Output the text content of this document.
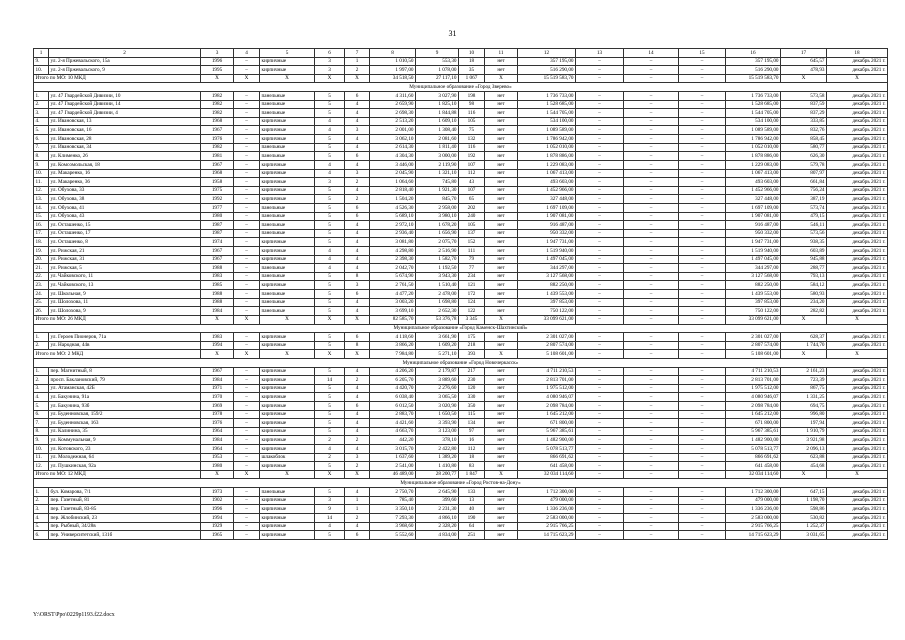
31
1	2	3	4	5	6	7	8	9	10	11	12	13	14	15	16	17	18
9.	ул. 2-я Пржевальского, 15а	1996	–	кирпичные	3	1	1 010,50	553,30	18	нет	357 195,00	–	–	–	357 195,00	645,57	декабрь 2021 г.
10.	ул. 2-я Пржевальского, 9	1995	–	кирпичные	3	2	1 997,00	1 078,00	35	нет	516 290,00	–	–	–	516 290,00	478,93	декабрь 2021 г.
Итого по МО: 10 МКД		X	X	X	X	X	34 518,50	27 117,10	1 067	X	15 519 583,70	–	–	–	15 519 583,70	X	X
Муниципальное образование «Город Зверево»																	
1.	ул. 47 Гвардейской Дивизии, 10	1982	–	панельные	5	6	4 311,60	3 027,90	198	нет	1 736 733,00	–	–	–	1 736 733,00	573,58	декабрь 2021 г.
2.	ул. 47 Гвардейской Дивизии, 14	1982	–	панельные	5	4	2 659,90	1 825,10	98	нет	1 528 685,00	–	–	–	1 528 685,00	837,59	декабрь 2021 г.
3.	ул. 47 Гвардейской Дивизии, 4	1982	–	панельные	5	4	2 698,30	1 844,88	116	нет	1 544 705,00	–	–	–	1 544 705,00	837,29	декабрь 2021 г.
4.	ул. Ивановская, 13	1968	–	кирпичные	4	4	2 513,20	1 609,10	105	нет	534 100,00	–	–	–	534 100,00	333,85	декабрь 2021 г.
5.	ул. Ивановская, 16	1967	–	кирпичные	4	3	2 001,00	1 308,40	75	нет	1 089 589,00	–	–	–	1 089 589,00	832,76	декабрь 2021 г.
6.	ул. Ивановская, 28	1976	–	кирпичные	5	4	3 062,10	2 081,60	132	нет	1 786 942,00	–	–	–	1 786 942,00	858,45	декабрь 2021 г.
7.	ул. Ивановская, 34	1982	–	панельные	5	4	2 614,30	1 811,40	116	нет	1 052 010,00	–	–	–	1 052 010,00	580,77	декабрь 2021 г.
8.	ул. Клименко, 26	1981	–	панельные	5	6	4 304,30	3 000,00	192	нет	1 878 886,00	–	–	–	1 878 886,00	626,30	декабрь 2021 г.
9.	ул. Комсомольская, 18	1967	–	кирпичные	4	4	3 446,00	2 119,90	107	нет	1 229 083,00	–	–	–	1 229 083,00	579,78	декабрь 2021 г.
10.	ул. Макаренко, 16	1968	–	кирпичные	4	3	2 045,90	1 321,10	112	нет	1 067 413,00	–	–	–	1 067 413,00	807,97	декабрь 2021 г.
11.	ул. Макаренко, 36	1958	–	кирпичные	3	2	1 064,60	745,80	43	нет	493 603,00	–	–	–	493 603,00	661,84	декабрь 2021 г.
12.	ул. Обухова, 33	1975	–	кирпичные	5	4	2 818,40	1 921,30	107	нет	1 452 966,00	–	–	–	1 452 966,00	756,24	декабрь 2021 г.
13.	ул. Обухова, 38	1992	–	кирпичные	5	2	1 504,20	845,70	65	нет	327 448,00	–	–	–	327 448,00	387,19	декабрь 2021 г.
14.	ул. Обухова, 41	1977	–	панельные	5	6	4 526,30	2 958,00	202	нет	1 697 109,00	–	–	–	1 697 109,00	573,74	декабрь 2021 г.
15.	ул. Обухова, 43	1980	–	панельные	5	6	5 689,10	3 980,10	240	нет	1 907 081,00	–	–	–	1 907 081,00	479,15	декабрь 2021 г.
16.	ул. Осташенко, 15	1987	–	панельные	5	4	2 972,10	1 678,20	105	нет	916 487,00	–	–	–	916 487,00	546,11	декабрь 2021 г.
17.	ул. Осташенко, 17	1987	–	панельные	5	4	2 936,40	1 656,90	137	нет	950 332,00	–	–	–	950 332,00	573,56	декабрь 2021 г.
18.	ул. Осташенко, 8	1974	–	кирпичные	5	4	3 081,80	2 075,70	152	нет	1 947 731,00	–	–	–	1 947 731,00	938,35	декабрь 2021 г.
19.	ул. Рижская, 21	1967	–	кирпичные	4	4	4 298,80	2 516,90	111	нет	1 519 940,00	–	–	–	1 519 940,00	603,89	декабрь 2021 г.
20.	ул. Рижская, 31	1967	–	кирпичные	4	4	2 398,30	1 582,70	79	нет	1 497 045,00	–	–	–	1 497 045,00	945,88	декабрь 2021 г.
21.	ул. Рижская, 5	1988	–	панельные	4	4	2 042,70	1 192,50	77	нет	344 297,00	–	–	–	344 297,00	288,77	декабрь 2021 г.
22.	ул. Чайковского, 11	1983	–	панельные	5	8	5 674,90	3 943,30	234	нет	3 127 568,00	–	–	–	3 127 568,00	793,13	декабрь 2021 г.
23.	ул. Чайковского, 13	1985	–	кирпичные	5	3	2 761,50	1 510,40	121	нет	882 250,00	–	–	–	882 250,00	584,12	декабрь 2021 г.
24.	ул. Школьная, 9	1988	–	панельные	5	6	4 477,20	2 478,00	172	нет	1 439 553,00	–	–	–	1 439 553,00	580,93	декабрь 2021 г.
25.	ул. Шолохова, 11	1988	–	панельные	5	4	3 003,20	1 698,80	124	нет	397 853,00	–	–	–	397 853,00	234,20	декабрь 2021 г.
26.	ул. Шолохова, 9	1984	–	панельные	5	4	3 699,10	2 652,30	122	нет	750 122,00	–	–	–	750 122,00	282,82	декабрь 2021 г.
Итого по МО: 26 МКД		X	X	X	X	X	82 585,70	53 376,78	3 345	X	33 099 621,00	–	–	–	33 099 621,00	X	X
Муниципальное образование «Город Каменск-Шахтинский»																	
1.	ул. Героев Пионеров, 71а	1983	–	кирпичные	5	6	4 118,60	3 661,90	175	нет	2 301 027,00	–	–	–	2 301 027,00	628,37	декабрь 2021 г.
2.	ул. Народная, 44в	1994	–	кирпичные	5	8	3 866,20	1 609,20	218	нет	2 807 574,00	–	–	–	2 807 574,00	1 744,70	декабрь 2021 г.
Итого по МО: 2 МКД		X	X	X	X	X	7 984,80	5 271,10	393	X	5 108 601,00	–	–	–	5 108 601,00	X	X
Муниципальное образование «Город Новочеркасск»																	
1.	пер. Магнитный, 8	1967	–	кирпичные	5	4	4 206,20	2 179,87	217	нет	4 711 210,53	–	–	–	4 711 210,53	2 161,23	декабрь 2021 г.
2.	просп. Баклановский, 79	1984	–	кирпичные	14	2	6 205,70	3 889,60	230	нет	2 813 701,00	–	–	–	2 813 701,00	723,39	декабрь 2021 г.
3.	ул. Атаманская, 42Б	1971	–	кирпичные	5	4	4 420,70	2 276,60	120	нет	1 975 512,00	–	–	–	1 975 512,00	867,75	декабрь 2021 г.
4.	ул. Бакунина, 91а	1970	–	кирпичные	5	4	6 038,40	3 065,50	330	нет	4 080 946,07	–	–	–	4 080 946,07	1 331,25	декабрь 2021 г.
5.	ул. Бакунина, 93б	1969	–	кирпичные	5	6	6 012,50	3 020,90	350	нет	2 098 784,00	–	–	–	2 098 784,00	694,75	декабрь 2021 г.
6.	ул. Буденновская, 159/2	1978	–	кирпичные	5	4	2 883,70	1 650,50	115	нет	1 645 212,00	–	–	–	1 645 212,00	996,80	декабрь 2021 г.
7.	ул. Буденновская, 163	1976	–	кирпичные	5	4	4 421,60	3 393,90	134	нет	671 800,00	–	–	–	671 800,00	197,94	декабрь 2021 г.
8.	ул. Калинина, 35	1964	–	кирпичные	5	4	4 663,70	3 123,00	97	нет	5 967 385,61	–	–	–	5 967 385,61	1 910,79	декабрь 2021 г.
9.	ул. Коммунальная, 9	1984	–	кирпичные	2	2	442,20	378,10	16	нет	1 482 900,00	–	–	–	1 482 900,00	3 921,98	декабрь 2021 г.
10.	ул. Котовского, 23	1964	–	кирпичные	4	4	3 015,70	2 422,80	112	нет	5 078 513,77	–	–	–	5 078 513,77	2 096,13	декабрь 2021 г.
11.	ул. Молодежная, 64	1953	–	шлакоблок	2	3	1 637,60	1 389,20	18	нет	866 691,62	–	–	–	866 691,62	623,88	декабрь 2021 г.
12.	ул. Пушкинская, 92а	1980	–	кирпичные	5	2	2 541,00	1 410,80	83	нет	641 458,00	–	–	–	641 458,00	454,68	декабрь 2021 г.
Итого по МО: 12 МКД		X	X	X	X	X	46 489,00	28 200,77	1 847	X	32 034 114,60	–	–	–	32 034 114,60	X	X
Муниципальное образование «Город Ростов-на-Дону»																	
1.	бул. Комарова, 7/1	1973	–	панельные	5	4	2 750,70	2 645,90	133	нет	1 712 300,00	–	–	–	1 712 300,00	647,15	декабрь 2021 г.
2.	пер. Газетный, 81	1902	–	кирпичные	3	1	785,40	399,60	13	нет	479 000,00	–	–	–	479 000,00	1 198,70	декабрь 2021 г.
3.	пер. Газетный, 83-85	1996	–	кирпичные	9	1	3 350,10	2 231,30	40	нет	1 336 236,00	–	–	–	1 336 236,00	598,86	декабрь 2021 г.
4.	пер. Жлобинский, 23	1994	–	кирпичные	14	2	7 293,30	4 866,10	190	нет	2 583 000,00	–	–	–	2 583 000,00	530,82	декабрь 2021 г.
5.	пер. Рыбный, 34/28в	1929	–	кирпичные	4	4	3 968,60	2 328,20	64	нет	2 915 766,25	–	–	–	2 915 766,25	1 252,37	декабрь 2021 г.
6.	пер. Университетский, 131б	1965	–	кирпичные	5	6	5 552,60	4 834,00	251	нет	14 715 623,29	–	–	–	14 715 623,29	3 031,65	декабрь 2021 г.
Y:\ORST\Ppo\0229p1193.f22.docx
